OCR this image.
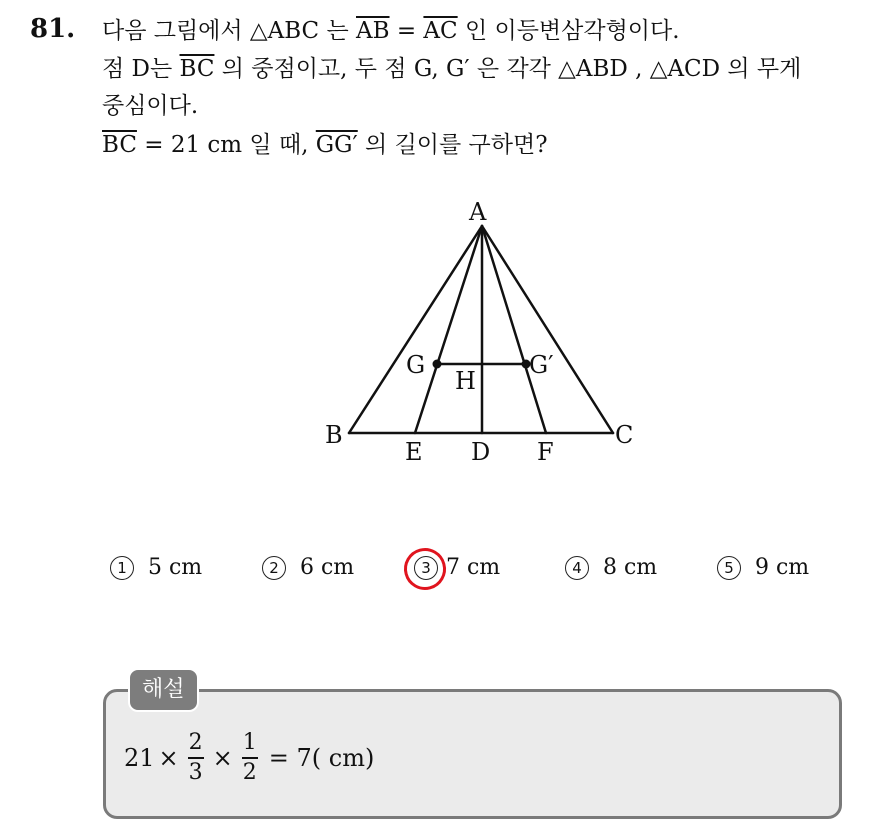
81. 다음 그림에서 △ABC 는 $\overline{AB} = \overline{AC}$ 인 이등변삼각형이다.
점 D는 $\overline{BC}$ 의 중점이고, 두 점 G, G′ 은 각각 △ABD , △ACD 의 무게
중심이다.
$\overline{BC} = 21$ cm 일 때, GG′ 의 길이를 구하면?
A
B	C
D
E	F
G	G′
H
1 5 cm	2 6 cm	3 7 cm	4 8 cm	5 9 cm
해설
$21 \times \frac{2}{3} \times \frac{1}{2} = 7$( cm)
